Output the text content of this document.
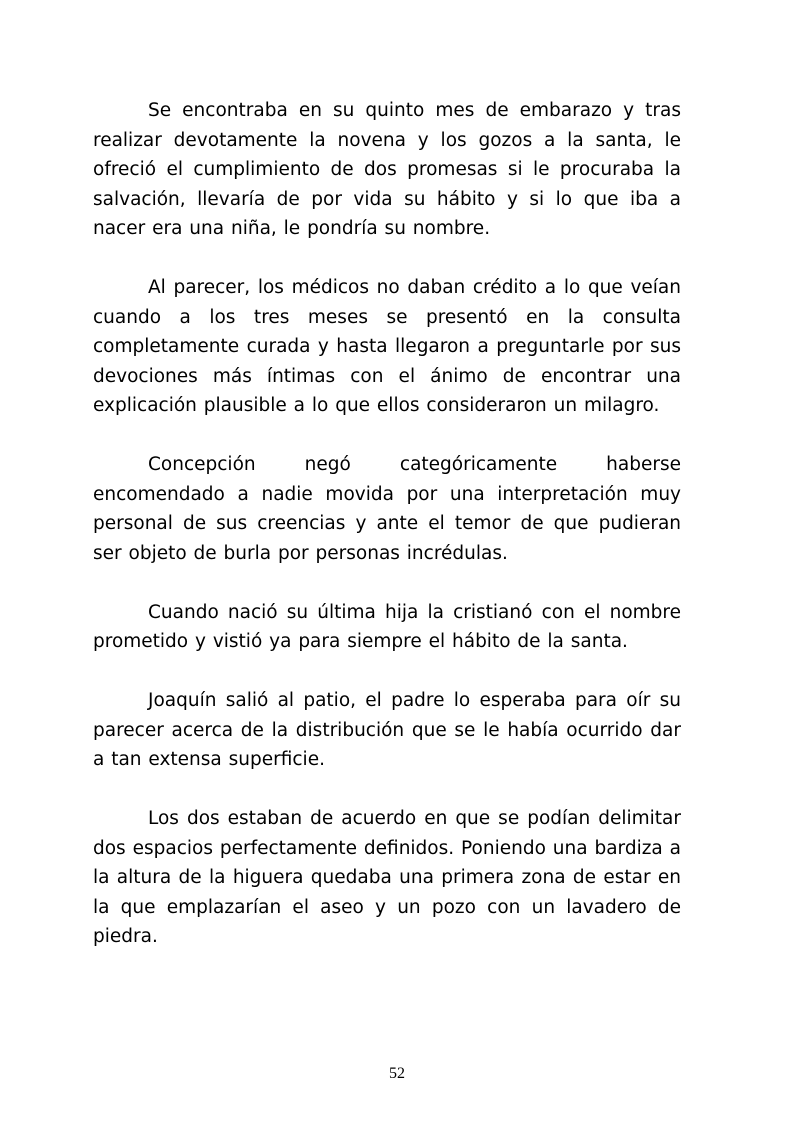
Se encontraba en su quinto mes de embarazo y tras realizar devotamente la novena y los gozos a la santa, le ofreció el cumplimiento de dos promesas si le procuraba la salvación, llevaría de por vida su hábito y si lo que iba a nacer era una niña, le pondría su nombre.

Al parecer, los médicos no daban crédito a lo que veían cuando a los tres meses se presentó en la consulta completamente curada y hasta llegaron a preguntarle por sus devociones más íntimas con el ánimo de encontrar una explicación plausible a lo que ellos consideraron un milagro.

Concepción negó categóricamente haberse encomendado a nadie movida por una interpretación muy personal de sus creencias y ante el temor de que pudieran ser objeto de burla por personas incrédulas.

Cuando nació su última hija la cristianó con el nombre prometido y vistió ya para siempre el hábito de la santa.

Joaquín salió al patio, el padre lo esperaba para oír su parecer acerca de la distribución que se le había ocurrido dar a tan extensa superficie.

Los dos estaban de acuerdo en que se podían delimitar dos espacios perfectamente definidos. Poniendo una bardiza a la altura de la higuera quedaba una primera zona de estar en la que emplazarían el aseo y un pozo con un lavadero de piedra.

52
